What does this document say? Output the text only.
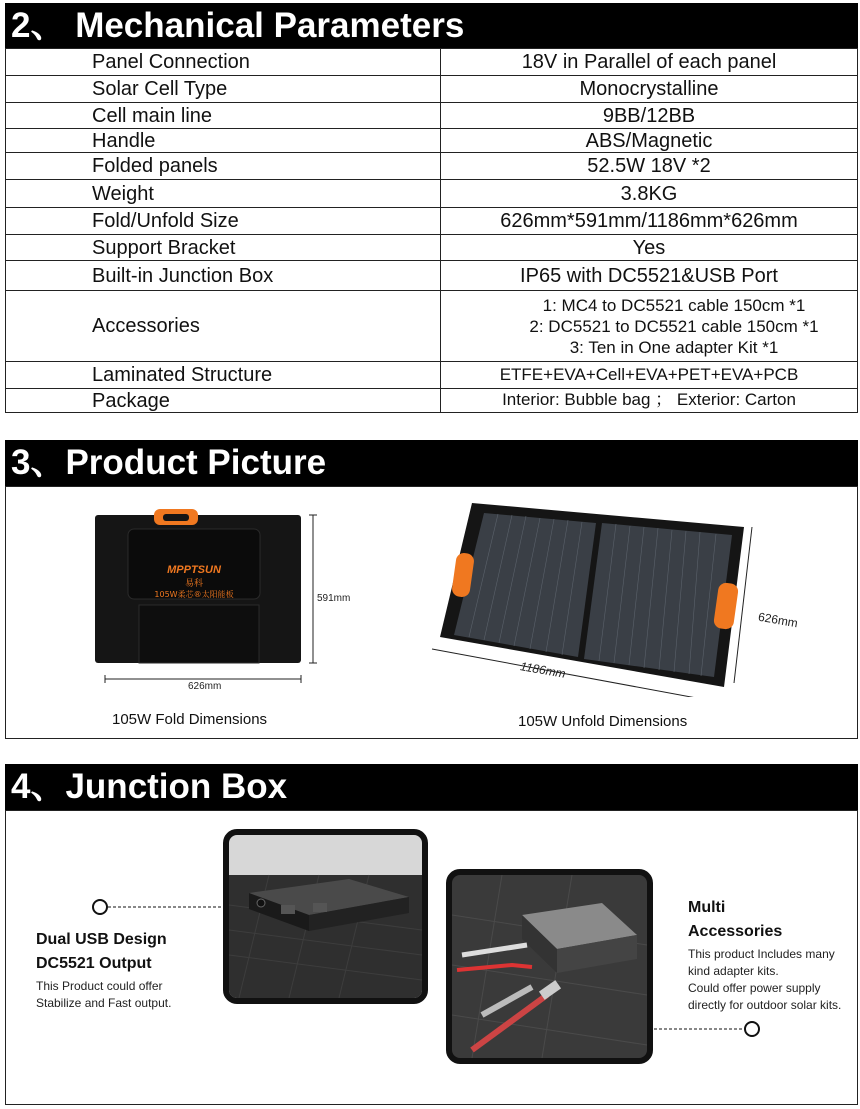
2、 Mechanical Parameters
Panel Connection	18V in Parallel of each panel
Solar Cell Type	Monocrystalline
Cell main line	9BB/12BB
Handle	ABS/Magnetic
Folded panels	52.5W 18V *2
Weight	3.8KG
Fold/Unfold Size	626mm*591mm/1186mm*626mm
Support Bracket	Yes
Built-in Junction Box	IP65 with DC5521&USB Port
Accessories	1: MC4 to DC5521 cable 150cm *1
2: DC5521 to DC5521 cable 150cm *1
3: Ten in One adapter Kit *1

Laminated Structure	ETFE+EVA+Cell+EVA+PET+EVA+PCB
Package	Interior: Bubble bag ； Exterior: Carton
3、Product Picture
MPPTSUN
易科
105W柔芯®太阳能板	591mm
626mm
105W Fold Dimensions
1186mm
626mm
105W Unfold Dimensions
4、Junction Box
Dual USB Design
DC5521 Output
This Product could offer
Stabilize and Fast output.
Multi
Accessories
This product Includes many
kind adapter kits.
Could offer power supply
directly for outdoor solar kits.
